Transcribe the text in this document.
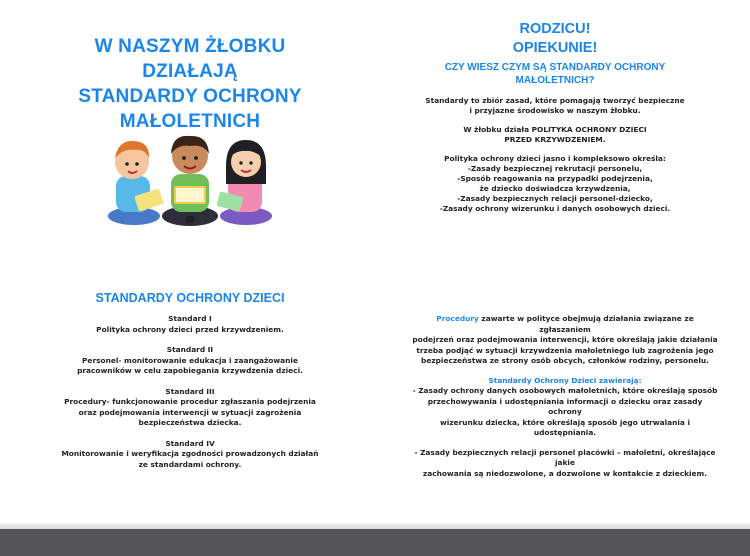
W NASZYM ŻŁOBKU
DZIAŁAJĄ
STANDARDY OCHRONY
MAŁOLETNICH
RODZICU!
OPIEKUNIE!
CZY WIESZ CZYM SĄ STANDARDY OCHRONY
MAŁOLETNICH?
Standardy to zbiór zasad, które pomagają tworzyć bezpieczne
i przyjazne środowisko w naszym żłobku.
W żłobku działa POLITYKA OCHRONY DZIECI
PRZED KRZYWDZENIEM.
Polityka ochrony dzieci jasno i kompleksowo określa:
-Zasady bezpiecznej rekrutacji personelu,
-Sposób reagowania na przypadki podejrzenia,
że dziecko doświadcza krzywdzenia,
-Zasady bezpiecznych relacji personel-dziecko,
-Zasady ochrony wizerunku i danych osobowych dzieci.
STANDARDY OCHRONY DZIECI
Standard I
Polityka ochrony dzieci przed krzywdzeniem.
Standard II
Personel- monitorowanie edukacja i zaangażowanie
pracowników w celu zapobiegania krzywdzenia dzieci.
Standard III
Procedury- funkcjonowanie procedur zgłaszania podejrzenia
oraz podejmowania interwencji w sytuacji zagrożenia
bezpieczeństwa dziecka.
Standard IV
Monitorowanie i weryfikacja zgodności prowadzonych działań
ze standardami ochrony.
Procedury zawarte w polityce obejmują działania związane ze zgłaszaniem
podejrzeń oraz podejmowania interwencji, które określają jakie działania
trzeba podjąć w sytuacji krzywdzenia małoletniego lub zagrożenia jego
bezpieczeństwa ze strony osób obcych, członków rodziny, personelu.
Standardy Ochrony Dzieci zawierają:
- Zasady ochrony danych osobowych małoletnich, które określają sposób
przechowywania i udostępniania informacji o dziecku oraz zasady ochrony
wizerunku dziecka, które określają sposób jego utrwalania i udostępniania.
- Zasady bezpiecznych relacji personel placówki – małoletni, określające jakie
zachowania są niedozwolone, a dozwolone w kontakcie z dzieckiem.
